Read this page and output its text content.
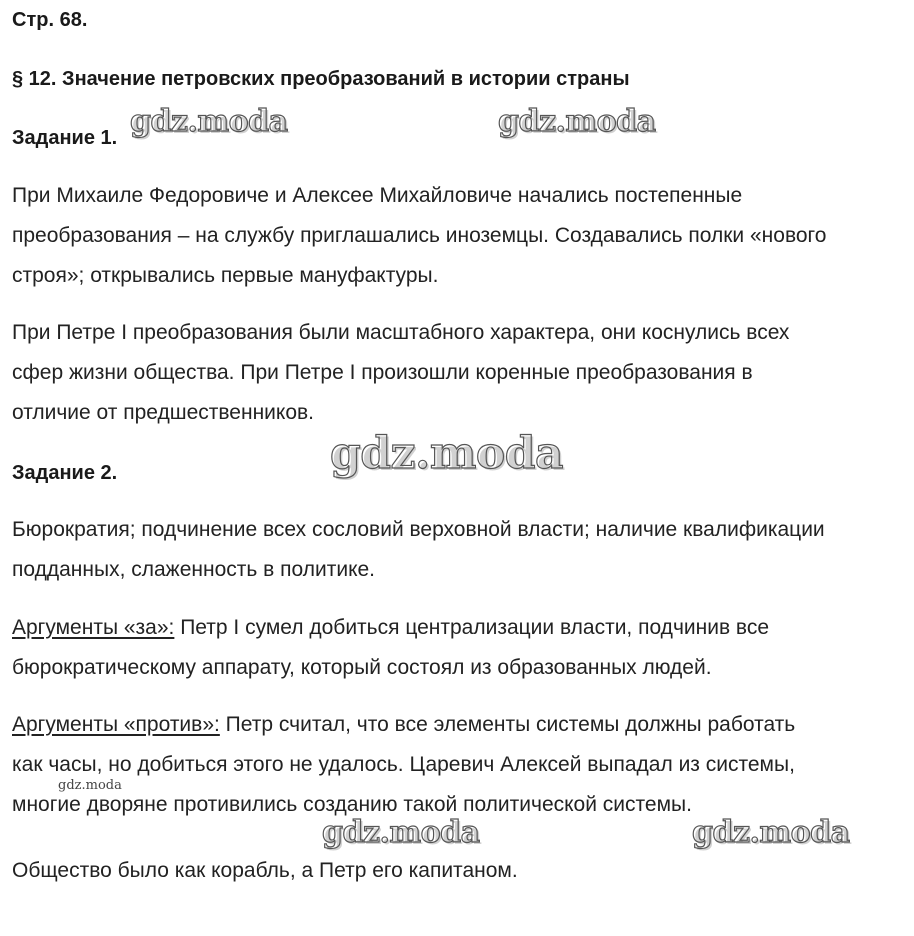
Стр. 68.
§ 12. Значение петровских преобразований в истории страны
Задание 1.
При Михаиле Федоровиче и Алексее Михайловиче начались постепенные
преобразования – на службу приглашались иноземцы. Создавались полки «нового
строя»; открывались первые мануфактуры.
При Петре I преобразования были масштабного характера, они коснулись всех
сфер жизни общества. При Петре I произошли коренные преобразования в
отличие от предшественников.
Задание 2.
Бюрократия; подчинение всех сословий верховной власти; наличие квалификации
подданных, слаженность в политике.
Аргументы «за»: Петр I сумел добиться централизации власти, подчинив все
бюрократическому аппарату, который состоял из образованных людей.
Аргументы «против»: Петр считал, что все элементы системы должны работать
как часы, но добиться этого не удалось. Царевич Алексей выпадал из системы,
многие дворяне противились созданию такой политической системы.
Общество было как корабль, а Петр его капитаном.
gdz.moda	gdz.moda
gdz.moda
gdz.moda
gdz.moda	gdz.moda
